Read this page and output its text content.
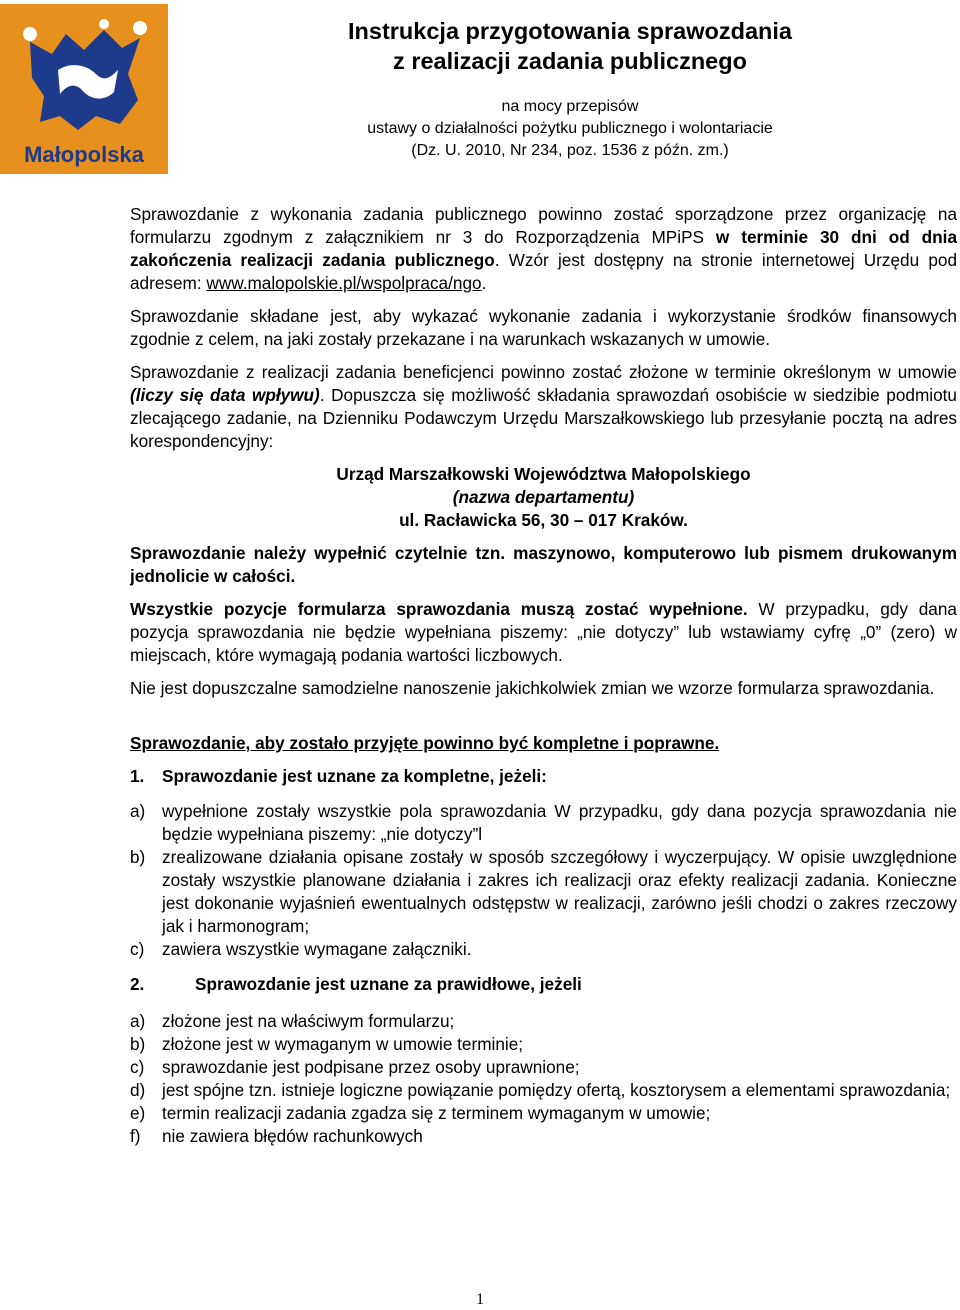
Małopolska
Instrukcja przygotowania sprawozdania
z realizacji zadania publicznego
na mocy przepisów
ustawy o działalności pożytku publicznego i wolontariacie
(Dz. U. 2010, Nr 234, poz. 1536 z późn. zm.)

Sprawozdanie z wykonania zadania publicznego powinno zostać sporządzone przez organizację na formularzu zgodnym z załącznikiem nr 3 do Rozporządzenia MPiPS w terminie 30 dni od dnia zakończenia realizacji zadania publicznego. Wzór jest dostępny na stronie internetowej Urzędu pod adresem: www.malopolskie.pl/wspolpraca/ngo.

Sprawozdanie składane jest, aby wykazać wykonanie zadania i wykorzystanie środków finansowych zgodnie z celem, na jaki zostały przekazane i na warunkach wskazanych w umowie.

Sprawozdanie z realizacji zadania beneficjenci powinno zostać złożone w terminie określonym w umowie (liczy się data wpływu). Dopuszcza się możliwość składania sprawozdań osobiście w siedzibie podmiotu zlecającego zadanie, na Dzienniku Podawczym Urzędu Marszałkowskiego lub przesyłanie pocztą na adres korespondencyjny:

Urząd Marszałkowski Województwa Małopolskiego
(nazwa departamentu)
ul. Racławicka 56, 30 – 017 Kraków.

Sprawozdanie należy wypełnić czytelnie tzn. maszynowo, komputerowo lub pismem drukowanym jednolicie w całości.

Wszystkie pozycje formularza sprawozdania muszą zostać wypełnione. W przypadku, gdy dana pozycja sprawozdania nie będzie wypełniana piszemy: „nie dotyczy” lub wstawiamy cyfrę „0” (zero) w miejscach, które wymagają podania wartości liczbowych.

Nie jest dopuszczalne samodzielne nanoszenie jakichkolwiek zmian we wzorze formularza sprawozdania.

Sprawozdanie, aby zostało przyjęte powinno być kompletne i poprawne.

1.	Sprawozdanie jest uznane za kompletne, jeżeli:
a) wypełnione zostały wszystkie pola sprawozdania W przypadku, gdy dana pozycja sprawozdania nie będzie wypełniana piszemy: „nie dotyczy”l
b) zrealizowane działania opisane zostały w sposób szczegółowy i wyczerpujący. W opisie uwzględnione zostały wszystkie planowane działania i zakres ich realizacji oraz efekty realizacji zadania. Konieczne jest dokonanie wyjaśnień ewentualnych odstępstw w realizacji, zarówno jeśli chodzi o zakres rzeczowy jak i harmonogram;
c)	zawiera wszystkie wymagane załączniki.
2.	Sprawozdanie jest uznane za prawidłowe, jeżeli
a) złożone jest na właściwym formularzu;
b) złożone jest w wymaganym w umowie terminie;
c)	sprawozdanie jest podpisane przez osoby uprawnione;
d) jest spójne tzn. istnieje logiczne powiązanie pomiędzy ofertą, kosztorysem a elementami sprawozdania;
e) termin realizacji zadania zgadza się z terminem wymaganym w umowie;
f)	nie zawiera błędów rachunkowych
1
